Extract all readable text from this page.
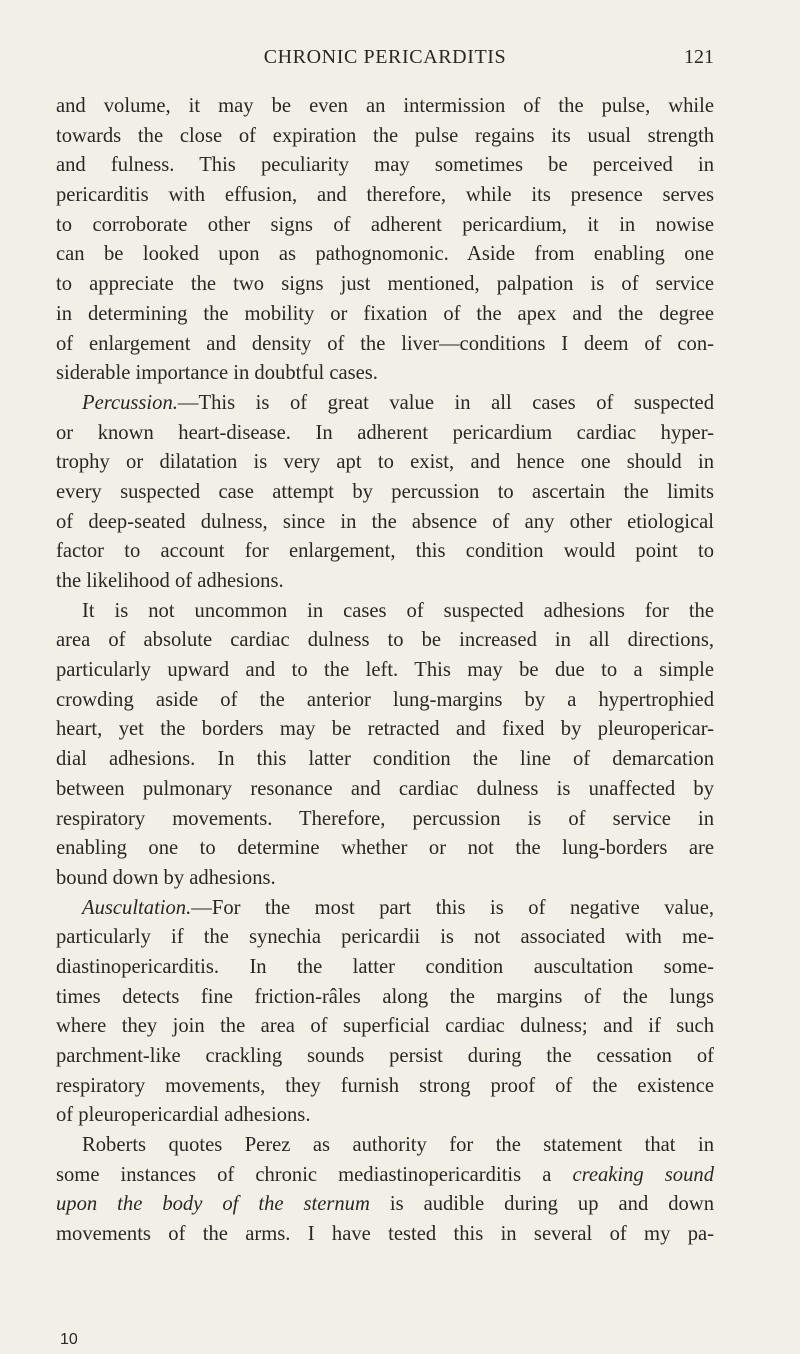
CHRONIC PERICARDITIS	121
and volume, it may be even an intermission of the pulse, while
towards the close of expiration the pulse regains its usual strength
and fulness. This peculiarity may sometimes be perceived in
pericarditis with effusion, and therefore, while its presence serves
to corroborate other signs of adherent pericardium, it in nowise
can be looked upon as pathognomonic. Aside from enabling one
to appreciate the two signs just mentioned, palpation is of service
in determining the mobility or fixation of the apex and the degree
of enlargement and density of the liver—conditions I deem of con-
siderable importance in doubtful cases.
Percussion.—This is of great value in all cases of suspected
or known heart-disease. In adherent pericardium cardiac hyper-
trophy or dilatation is very apt to exist, and hence one should in
every suspected case attempt by percussion to ascertain the limits
of deep-seated dulness, since in the absence of any other etiological
factor to account for enlargement, this condition would point to
the likelihood of adhesions.
It is not uncommon in cases of suspected adhesions for the
area of absolute cardiac dulness to be increased in all directions,
particularly upward and to the left. This may be due to a simple
crowding aside of the anterior lung-margins by a hypertrophied
heart, yet the borders may be retracted and fixed by pleuropericar-
dial adhesions. In this latter condition the line of demarcation
between pulmonary resonance and cardiac dulness is unaffected by
respiratory movements. Therefore, percussion is of service in
enabling one to determine whether or not the lung-borders are
bound down by adhesions.
Auscultation.—For the most part this is of negative value,
particularly if the synechia pericardii is not associated with me-
diastinopericarditis. In the latter condition auscultation some-
times detects fine friction-râles along the margins of the lungs
where they join the area of superficial cardiac dulness; and if such
parchment-like crackling sounds persist during the cessation of
respiratory movements, they furnish strong proof of the existence
of pleuropericardial adhesions.
Roberts quotes Perez as authority for the statement that in
some instances of chronic mediastinopericarditis a creaking sound
upon the body of the sternum is audible during up and down
movements of the arms. I have tested this in several of my pa-
10
